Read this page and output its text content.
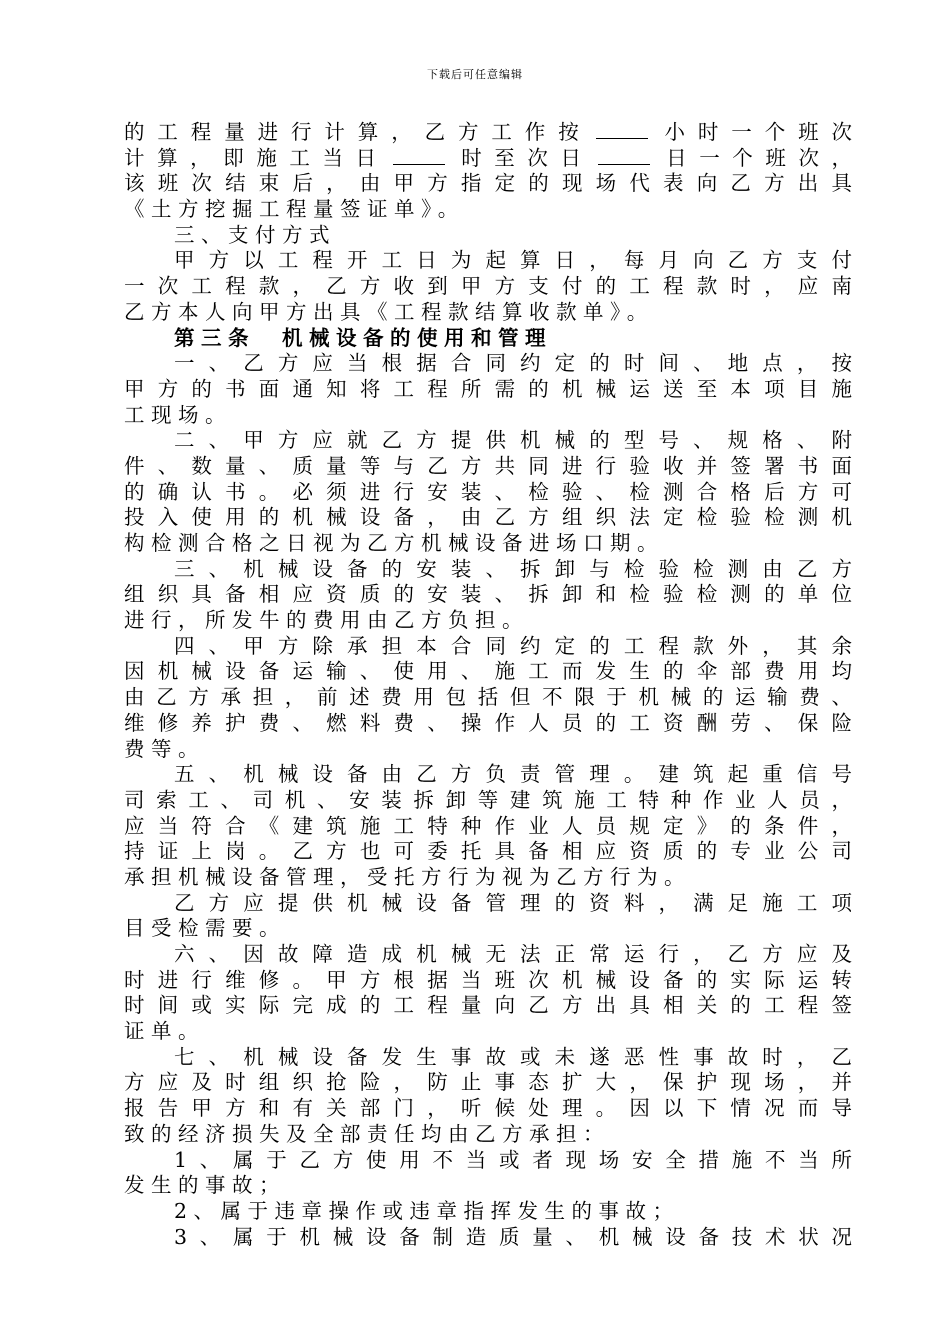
下载后可任意编辑
的工程量进行计算，乙方工作按	小时一个班次
计算，即施工当日	时至次日	日一个班次，
该班次结束后，由甲方指定的现场代表向乙方出具
《土方挖掘工程量签证单》。
三、支付方式
甲方以工程开工日为起算日，每月向乙方支付
一次工程款，乙方收到甲方支付的工程款时，应南
乙方本人向甲方出具《工程款结算收款单》。
第三条　机械设备的使用和管理
一、乙方应当根据合同约定的时间、地点，按
甲方的书面通知将工程所需的机械运送至本项目施
工现场。
二、甲方应就乙方提供机械的型号、规格、附
件、数量、质量等与乙方共同进行验收并签署书面
的确认书。必须进行安装、检验、检测合格后方可
投入使用的机械设备，由乙方组织法定检验检测机
构检测合格之日视为乙方机械设备进场口期。
三、机械设备的安装、拆卸与检验检测由乙方
组织具备相应资质的安装、拆卸和检验检测的单位
进行，所发牛的费用由乙方负担。
四、甲方除承担本合同约定的工程款外，其余
因机械设备运输、使用、施工而发生的伞部费用均
由乙方承担，前述费用包括但不限于机械的运输费、
维修养护费、燃料费、操作人员的工资酬劳、保险
费等。
五、机械设备由乙方负责管理。建筑起重信号
司索工、司机、安装拆卸等建筑施工特种作业人员，
应当符合《建筑施工特种作业人员规定》的条件，
持证上岗。乙方也可委托具备相应资质的专业公司
承担机械设备管理，受托方行为视为乙方行为。
乙方应提供机械设备管理的资料，满足施工项
目受检需要。
六、因故障造成机械无法正常运行，乙方应及
时进行维修。甲方根据当班次机械设备的实际运转
时间或实际完成的工程量向乙方出具相关的工程签
证单。
七、机械设备发生事故或未遂恶性事故时，乙
方应及时组织抢险，防止事态扩大，保护现场，并
报告甲方和有关部门，听候处理。因以下情况而导
致的经济损失及全部责任均由乙方承担：
1、属于乙方使用不当或者现场安全措施不当所
发生的事故；
2、属于违章操作或违章指挥发生的事故；
3、属于机械设备制造质量、机械设备技术状况
